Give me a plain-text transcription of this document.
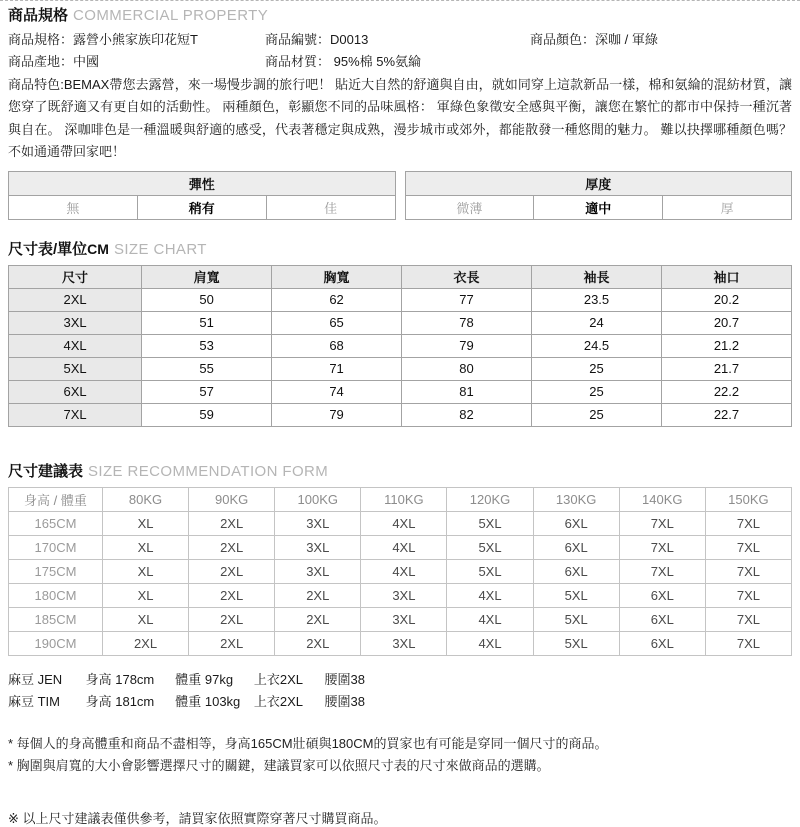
商品規格 COMMERCIAL PROPERTY
商品規格：露營小熊家族印花短T	商品編號：D0013	商品顏色：深咖 / 軍綠
商品產地：中國	商品材質： 95%棉 5%氨綸

商品特色:BEMAX帶您去露營，來一場慢步調的旅行吧！ 貼近大自然的舒適與自由，就如同穿上這款新品一樣，棉和氨綸的混紡材質，讓您穿了既舒適又有更自如的活動性。 兩種顏色，彰顯您不同的品味風格： 軍綠色象徵安全感與平衡，讓您在繁忙的都市中保持一種沉著與自在。 深咖啡色是一種溫暖與舒適的感受，代表著穩定與成熟，漫步城市或郊外，都能散發一種悠閒的魅力。 難以抉擇哪種顏色嗎？不如通通帶回家吧！

彈性
無	稍有	佳
厚度
微薄	適中	厚
尺寸表/單位CM SIZE CHART
尺寸	肩寬	胸寬	衣長	袖長	袖口
2XL	50	62	77	23.5	20.2
3XL	51	65	78	24	20.7
4XL	53	68	79	24.5	21.2
5XL	55	71	80	25	21.7
6XL	57	74	81	25	22.2
7XL	59	79	82	25	22.7
尺寸建議表 SIZE RECOMMENDATION FORM
身高 / 體重	80KG	90KG	100KG	110KG	120KG	130KG	140KG	150KG
165CM	XL	2XL	3XL	4XL	5XL	6XL	7XL	7XL
170CM	XL	2XL	3XL	4XL	5XL	6XL	7XL	7XL
175CM	XL	2XL	3XL	4XL	5XL	6XL	7XL	7XL
180CM	XL	2XL	2XL	3XL	4XL	5XL	6XL	7XL
185CM	XL	2XL	2XL	3XL	4XL	5XL	6XL	7XL
190CM	2XL	2XL	2XL	3XL	4XL	5XL	6XL	7XL
麻豆 JEN 身高 178cm 體重 97kg 上衣2XL 腰圍38
麻豆 TIM 身高 181cm 體重 103kg 上衣2XL 腰圍38
* 每個人的身高體重和商品不盡相等，身高165CM壯碩與180CM的買家也有可能是穿同一個尺寸的商品。
* 胸圍與肩寬的大小會影響選擇尺寸的關鍵，建議買家可以依照尺寸表的尺寸來做商品的選購。
※ 以上尺寸建議表僅供參考，請買家依照實際穿著尺寸購買商品。
